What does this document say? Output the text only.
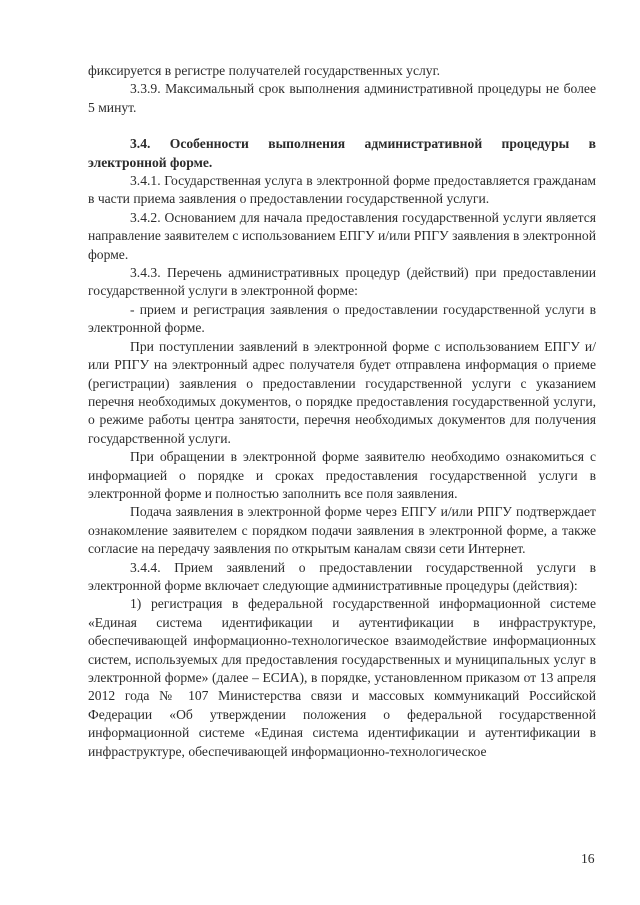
фиксируется в регистре получателей государственных услуг.

3.3.9. Максимальный срок выполнения административной процедуры не более 5 минут.

3.4. Особенности выполнения административной процедуры в электронной форме.

3.4.1. Государственная услуга в электронной форме предоставляется гражданам в части приема заявления о предоставлении государственной услуги.

3.4.2. Основанием для начала предоставления государственной услуги является направление заявителем с использованием ЕПГУ и/или РПГУ заявления в электронной форме.

3.4.3. Перечень административных процедур (действий) при предоставлении государственной услуги в электронной форме:

- прием и регистрация заявления о предоставлении государственной услуги в электронной форме.

При поступлении заявлений в электронной форме с использованием ЕПГУ и/или РПГУ на электронный адрес получателя будет отправлена информация о приеме (регистрации) заявления о предоставлении государственной услуги с указанием перечня необходимых документов, о порядке предоставления государственной услуги, о режиме работы центра занятости, перечня необходимых документов для получения государственной услуги.

При обращении в электронной форме заявителю необходимо ознакомиться с информацией о порядке и сроках предоставления государственной услуги в электронной форме и полностью заполнить все поля заявления.

Подача заявления в электронной форме через ЕПГУ и/или РПГУ подтверждает ознакомление заявителем с порядком подачи заявления в электронной форме, а также согласие на передачу заявления по открытым каналам связи сети Интернет.

3.4.4. Прием заявлений о предоставлении государственной услуги в электронной форме включает следующие административные процедуры (действия):

1) регистрация в федеральной государственной информационной системе «Единая система идентификации и аутентификации в инфраструктуре, обеспечивающей информационно-технологическое взаимодействие информационных систем, используемых для предоставления государственных и муниципальных услуг в электронной форме» (далее – ЕСИА), в порядке, установленном приказом от 13 апреля 2012 года № 107 Министерства связи и массовых коммуникаций Российской Федерации «Об утверждении положения о федеральной государственной информационной системе «Единая система идентификации и аутентификации в инфраструктуре, обеспечивающей информационно-технологическое

16
